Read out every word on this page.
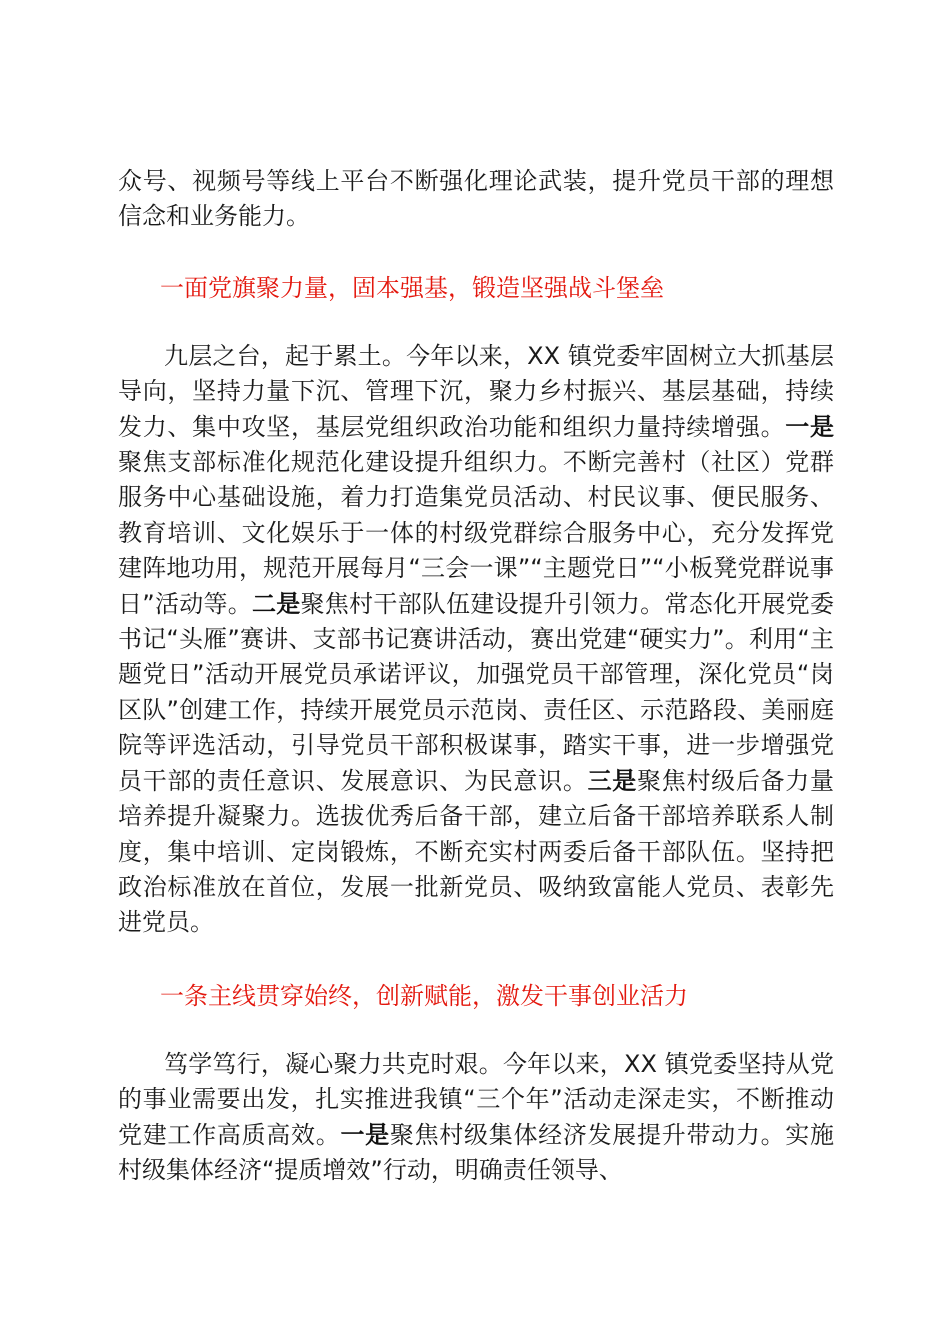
众号、视频号等线上平台不断强化理论武装，提升党员干部的理想信念和业务能力。

一面党旗聚力量，固本强基，锻造坚强战斗堡垒

九层之台，起于累土。今年以来，XX 镇党委牢固树立大抓基层导向，坚持力量下沉、管理下沉，聚力乡村振兴、基层基础，持续发力、集中攻坚，基层党组织政治功能和组织力量持续增强。一是聚焦支部标准化规范化建设提升组织力。不断完善村（社区）党群服务中心基础设施，着力打造集党员活动、村民议事、便民服务、教育培训、文化娱乐于一体的村级党群综合服务中心，充分发挥党建阵地功用，规范开展每月“三会一课”“主题党日”“小板凳党群说事日”活动等。二是聚焦村干部队伍建设提升引领力。常态化开展党委书记“头雁”赛讲、支部书记赛讲活动，赛出党建“硬实力”。利用“主题党日”活动开展党员承诺评议，加强党员干部管理，深化党员“岗区队”创建工作，持续开展党员示范岗、责任区、示范路段、美丽庭院等评选活动，引导党员干部积极谋事，踏实干事，进一步增强党员干部的责任意识、发展意识、为民意识。三是聚焦村级后备力量培养提升凝聚力。选拔优秀后备干部，建立后备干部培养联系人制度，集中培训、定岗锻炼，不断充实村两委后备干部队伍。坚持把政治标准放在首位，发展一批新党员、吸纳致富能人党员、表彰先进党员。

一条主线贯穿始终，创新赋能，激发干事创业活力

笃学笃行，凝心聚力共克时艰。今年以来，XX 镇党委坚持从党的事业需要出发，扎实推进我镇“三个年”活动走深走实，不断推动党建工作高质高效。一是聚焦村级集体经济发展提升带动力。实施村级集体经济“提质增效”行动，明确责任领导、
